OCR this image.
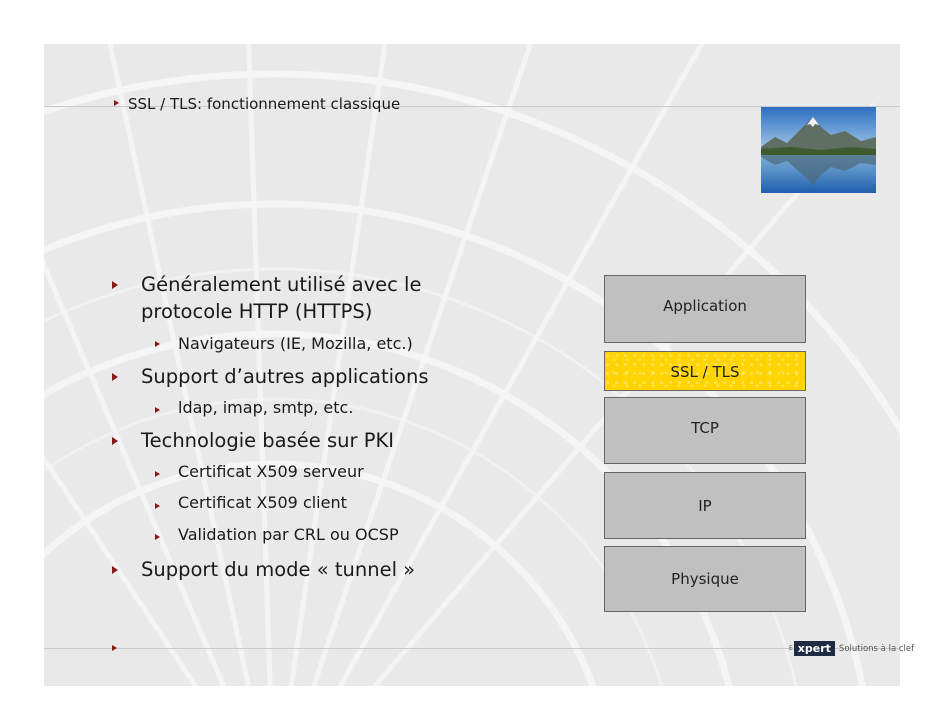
SSL / TLS: fonctionnement classique
Généralement utilisé avec le
protocole HTTP (HTTPS)
Navigateurs (IE, Mozilla, etc.)
Support d’autres applications
ldap, imap, smtp, etc.
Technologie basée sur PKI
Certificat X509 serveur
Certificat X509 client
Validation par CRL ou OCSP
Support du mode « tunnel »
Application
SSL / TLS
TCP
IP
Physique
E xpert Solutions à la clef
